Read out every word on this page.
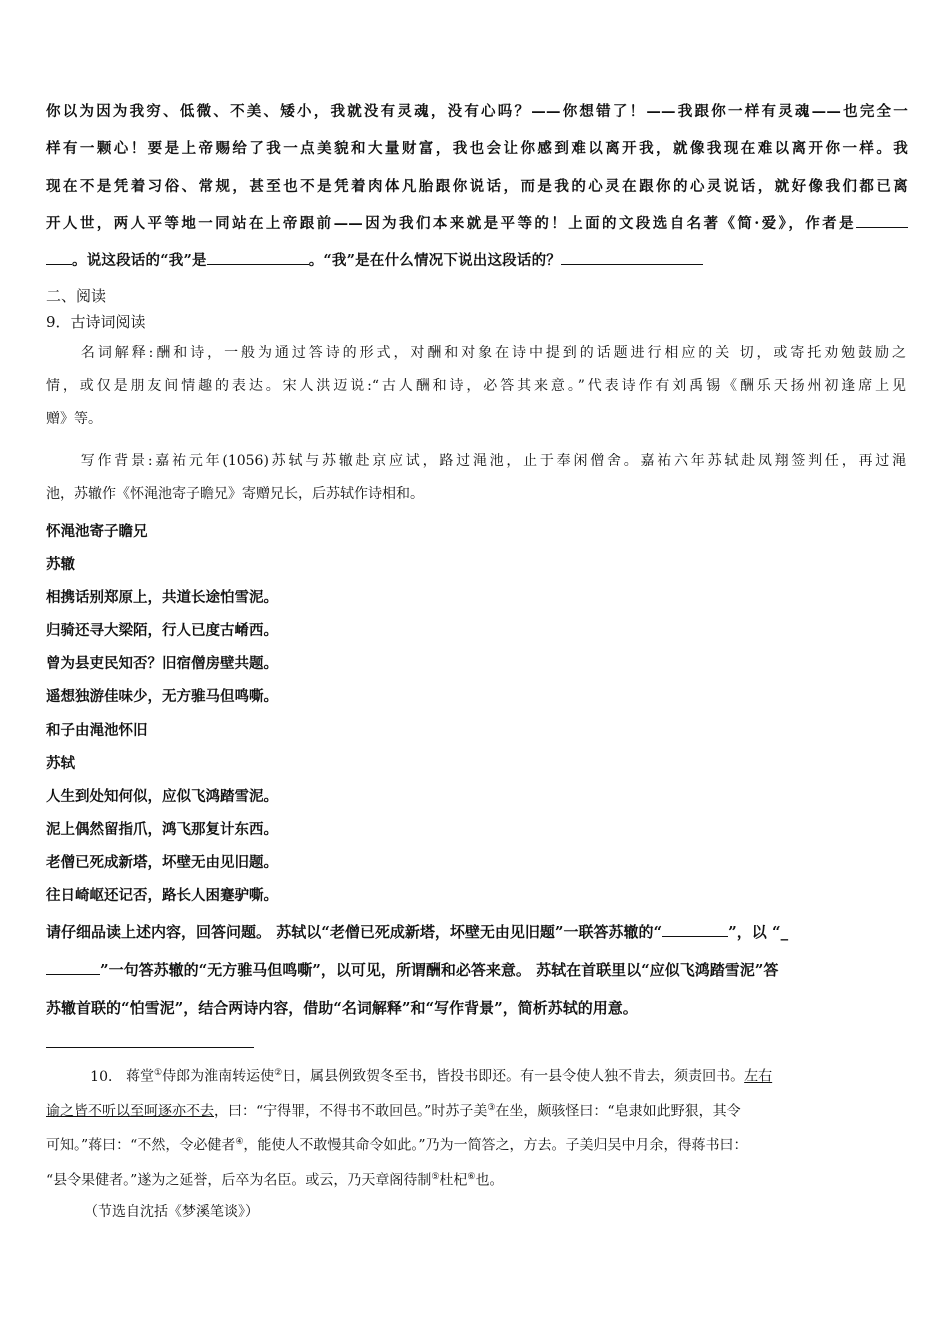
你以为因为我穷、低微、不美、矮小，我就没有灵魂，没有心吗？——你想错了！——我跟你一样有灵魂——也完全一
样有一颗心！要是上帝赐给了我一点美貌和大量财富，我也会让你感到难以离开我，就像我现在难以离开你一样。我
现在不是凭着习俗、常规，甚至也不是凭着肉体凡胎跟你说话，而是我的心灵在跟你的心灵说话，就好像我们都已离
开人世，两人平等地一同站在上帝跟前——因为我们本来就是平等的！上面的文段选自名著《简·爱》，作者是
。说这段话的“我”是	。“我”是在什么情况下说出这段话的？
二、阅读
9．古诗词阅读
名词解释:酬和诗，一般为通过答诗的形式，对酬和对象在诗中提到的话题进行相应的关 切，或寄托劝勉鼓励之
情，或仅是朋友间情趣的表达。宋人洪迈说:“古人酬和诗，必答其来意。”代表诗作有刘禹锡《酬乐天扬州初逢席上见
赠》等。
写作背景:嘉祐元年(1056)苏轼与苏辙赴京应试，路过渑池，止于奉闲僧舍。嘉祐六年苏轼赴凤翔签判任，再过渑
池，苏辙作《怀渑池寄子瞻兄》寄赠兄长，后苏轼作诗相和。
怀渑池寄子瞻兄
苏辙
相携话别郑原上，共道长途怕雪泥。
归骑还寻大梁陌，行人已度古崤西。
曾为县吏民知否？旧宿僧房壁共题。
遥想独游佳味少，无方骓马但鸣嘶。
和子由渑池怀旧
苏轼
人生到处知何似，应似飞鸿踏雪泥。
泥上偶然留指爪，鸿飞那复计东西。
老僧已死成新塔，坏壁无由见旧题。
往日崎岖还记否，路长人困蹇驴嘶。
请仔细品读上述内容，回答问题。 苏轼以“老僧已死成新塔，坏壁无由见旧题”一联答苏辙的“	”，以 “_
”一句答苏辙的“无方骓马但鸣嘶”，以可见，所谓酬和必答来意。 苏轼在首联里以“应似飞鸿踏雪泥”答
苏辙首联的“怕雪泥”，结合两诗内容，借助“名词解释”和“写作背景”，简析苏轼的用意。
10． 蒋堂①侍郎为淮南转运使②日，属县例致贺冬至书，皆投书即还。有一县令使人独不肯去，须责回书。左右
谕之皆不听以至呵逐亦不去，曰：“宁得罪，不得书不敢回邑。”时苏子美③在坐，颇骇怪曰：“皂隶如此野狠，其令
可知。”蒋曰：“不然，令必健者④，能使人不敢慢其命令如此。”乃为一简答之，方去。子美归吴中月余，得蒋书曰：
“县令果健者。”遂为之延誉，后卒为名臣。或云，乃天章阁待制⑤杜杞⑥也。
（节选自沈括《梦溪笔谈》）
